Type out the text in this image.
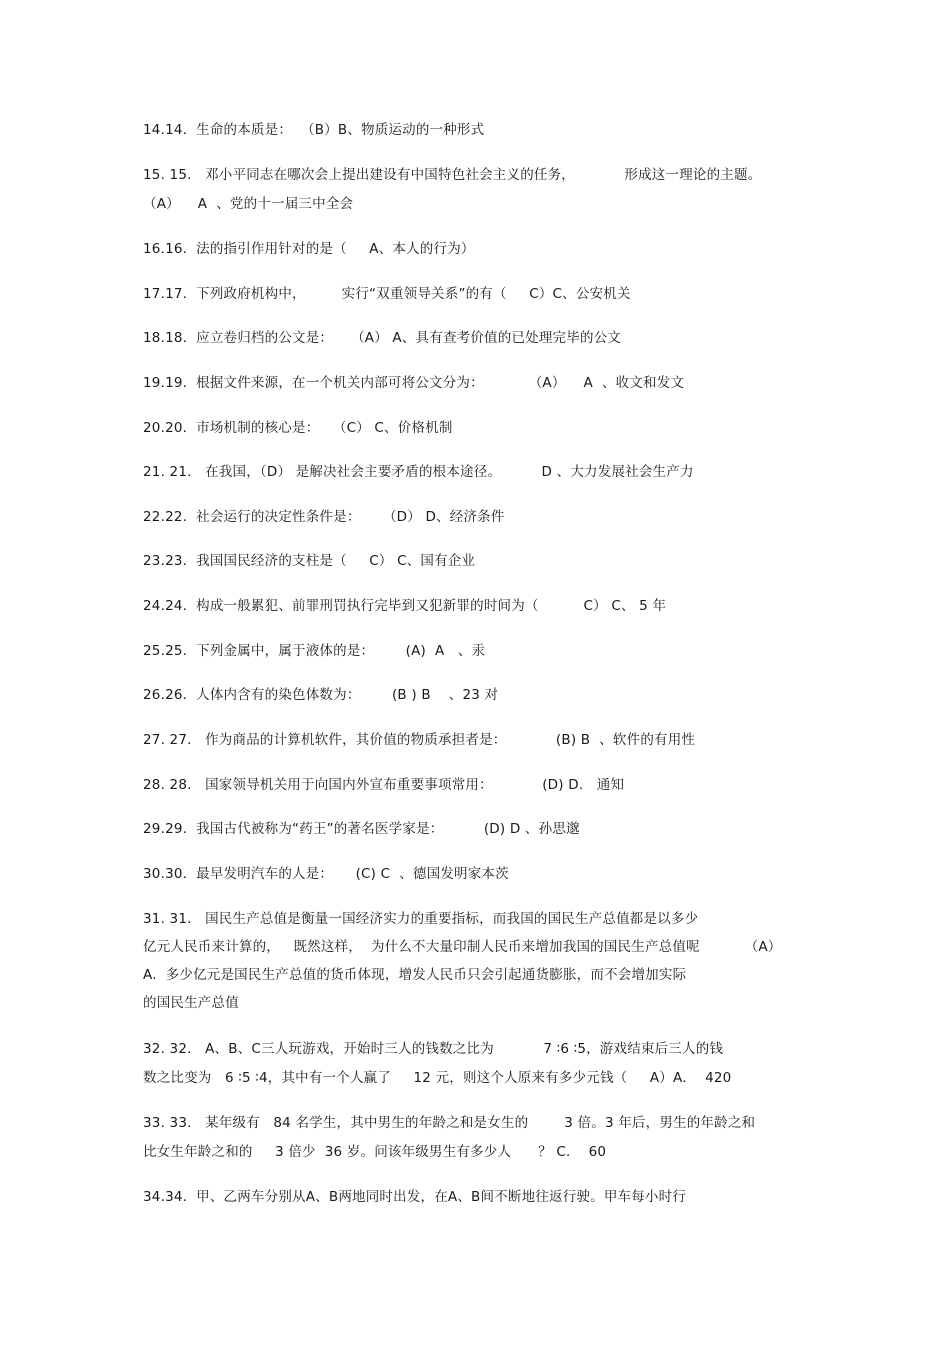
14.14.  生命的本质是：  （B）B、物质运动的一种形式
15. 15.   邓小平同志在哪次会上提出建设有中国特色社会主义的任务，           形成这一理论的主题。
（A）    A  、党的十一届三中全会
16.16.  法的指引作用针对的是（     A、本人的行为）
17.17.  下列政府机构中，        实行“双重领导关系”的有（     C）C、公安机关
18.18.  应立卷归档的公文是：    （A） A、具有查考价值的已处理完毕的公文
19.19.  根据文件来源，在一个机关内部可将公文分为：          （A）    A  、收文和发文
20.20.  市场机制的核心是：   （C） C、价格机制
21. 21.   在我国，（D） 是解决社会主要矛盾的根本途径。         D 、大力发展社会生产力
22.22.  社会运行的决定性条件是：     （D） D、经济条件
23.23.  我国国民经济的支柱是（     C） C、国有企业
24.24.  构成一般累犯、前罪刑罚执行完毕到又犯新罪的时间为（          C） C、 5 年
25.25.  下列金属中，属于液体的是：       (A)  A   、汞
26.26.  人体内含有的染色体数为：       (B ) B    、23 对
27. 27.   作为商品的计算机软件，其价值的物质承担者是：           (B) B  、软件的有用性
28. 28.   国家领导机关用于向国内外宣布重要事项常用：           (D) D.   通知
29.29.  我国古代被称为“药王”的著名医学家是：         (D) D 、孙思邈
30.30.  最早发明汽车的人是：     (C) C  、德国发明家本茨
31. 31.   国民生产总值是衡量一国经济实力的重要指标，而我国的国民生产总值都是以多少
亿元人民币来计算的，   既然这样，  为什么不大量印制人民币来增加我国的国民生产总值呢          （A）
A.  多少亿元是国民生产总值的货币体现，增发人民币只会引起通货膨胀，而不会增加实际
的国民生产总值
32. 32.   A、B、C三人玩游戏，开始时三人的钱数之比为           7 ∶6 ∶5，游戏结束后三人的钱
数之比变为   6 ∶5 ∶4，其中有一个人赢了     12 元，则这个人原来有多少元钱（     A）A．  420
33. 33.   某年级有   84 名学生，其中男生的年龄之和是女生的        3 倍。3 年后，男生的年龄之和
比女生年龄之和的     3 倍少  36 岁。问该年级男生有多少人      ？ C．  60
34.34.  甲、乙两车分别从A、B两地同时出发，在A、B间不断地往返行驶。甲车每小时行
